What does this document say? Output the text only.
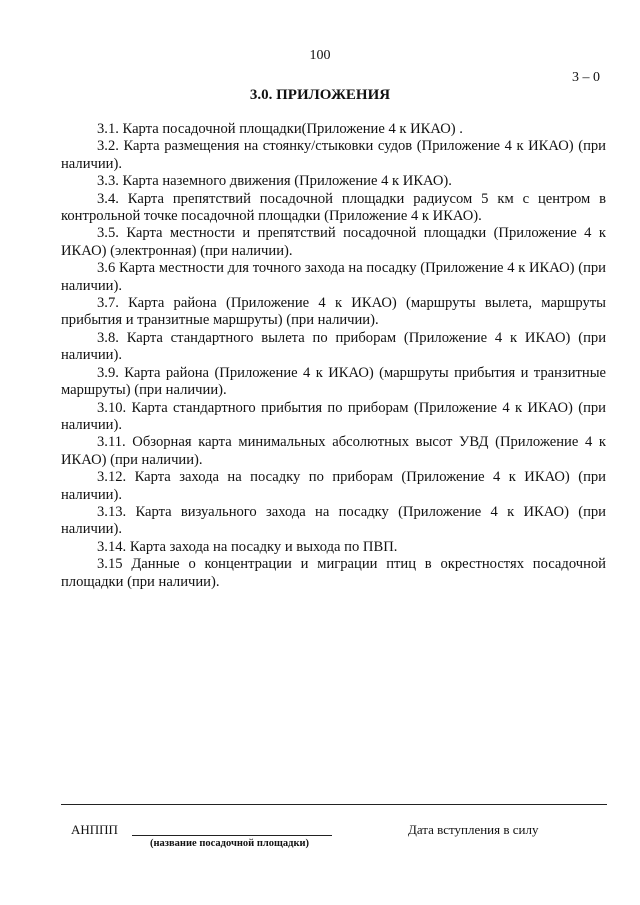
100
3 – 0
3.0. ПРИЛОЖЕНИЯ

3.1. Карта посадочной площадки(Приложение 4 к ИКАО) .

3.2. Карта размещения на стоянку/стыковки судов (Приложение 4 к ИКАО) (при наличии).

3.3. Карта наземного движения (Приложение 4 к ИКАО).

3.4. Карта препятствий посадочной площадки радиусом 5 км с центром в контрольной точке посадочной площадки (Приложение 4 к ИКАО).

3.5. Карта местности и препятствий посадочной площадки (Приложение 4 к ИКАО) (электронная) (при наличии).

3.6 Карта местности для точного захода на посадку (Приложение 4 к ИКАО) (при наличии).

3.7. Карта района (Приложение 4 к ИКАО) (маршруты вылета, маршруты прибытия и транзитные маршруты) (при наличии).

3.8. Карта стандартного вылета по приборам (Приложение 4 к ИКАО) (при наличии).

3.9. Карта района (Приложение 4 к ИКАО) (маршруты прибытия и транзитные маршруты) (при наличии).

3.10. Карта стандартного прибытия по приборам (Приложение 4 к ИКАО) (при наличии).

3.11. Обзорная карта минимальных абсолютных высот УВД (Приложение 4 к ИКАО) (при наличии).

3.12. Карта захода на посадку по приборам (Приложение 4 к ИКАО) (при наличии).

3.13. Карта визуального захода на посадку (Приложение 4 к ИКАО) (при наличии).

3.14. Карта захода на посадку и выхода по ПВП.

3.15 Данные о концентрации и миграции птиц в окрестностях посадочной площадки (при наличии).

АНППП
(название посадочной площадки)
Дата вступления в силу
